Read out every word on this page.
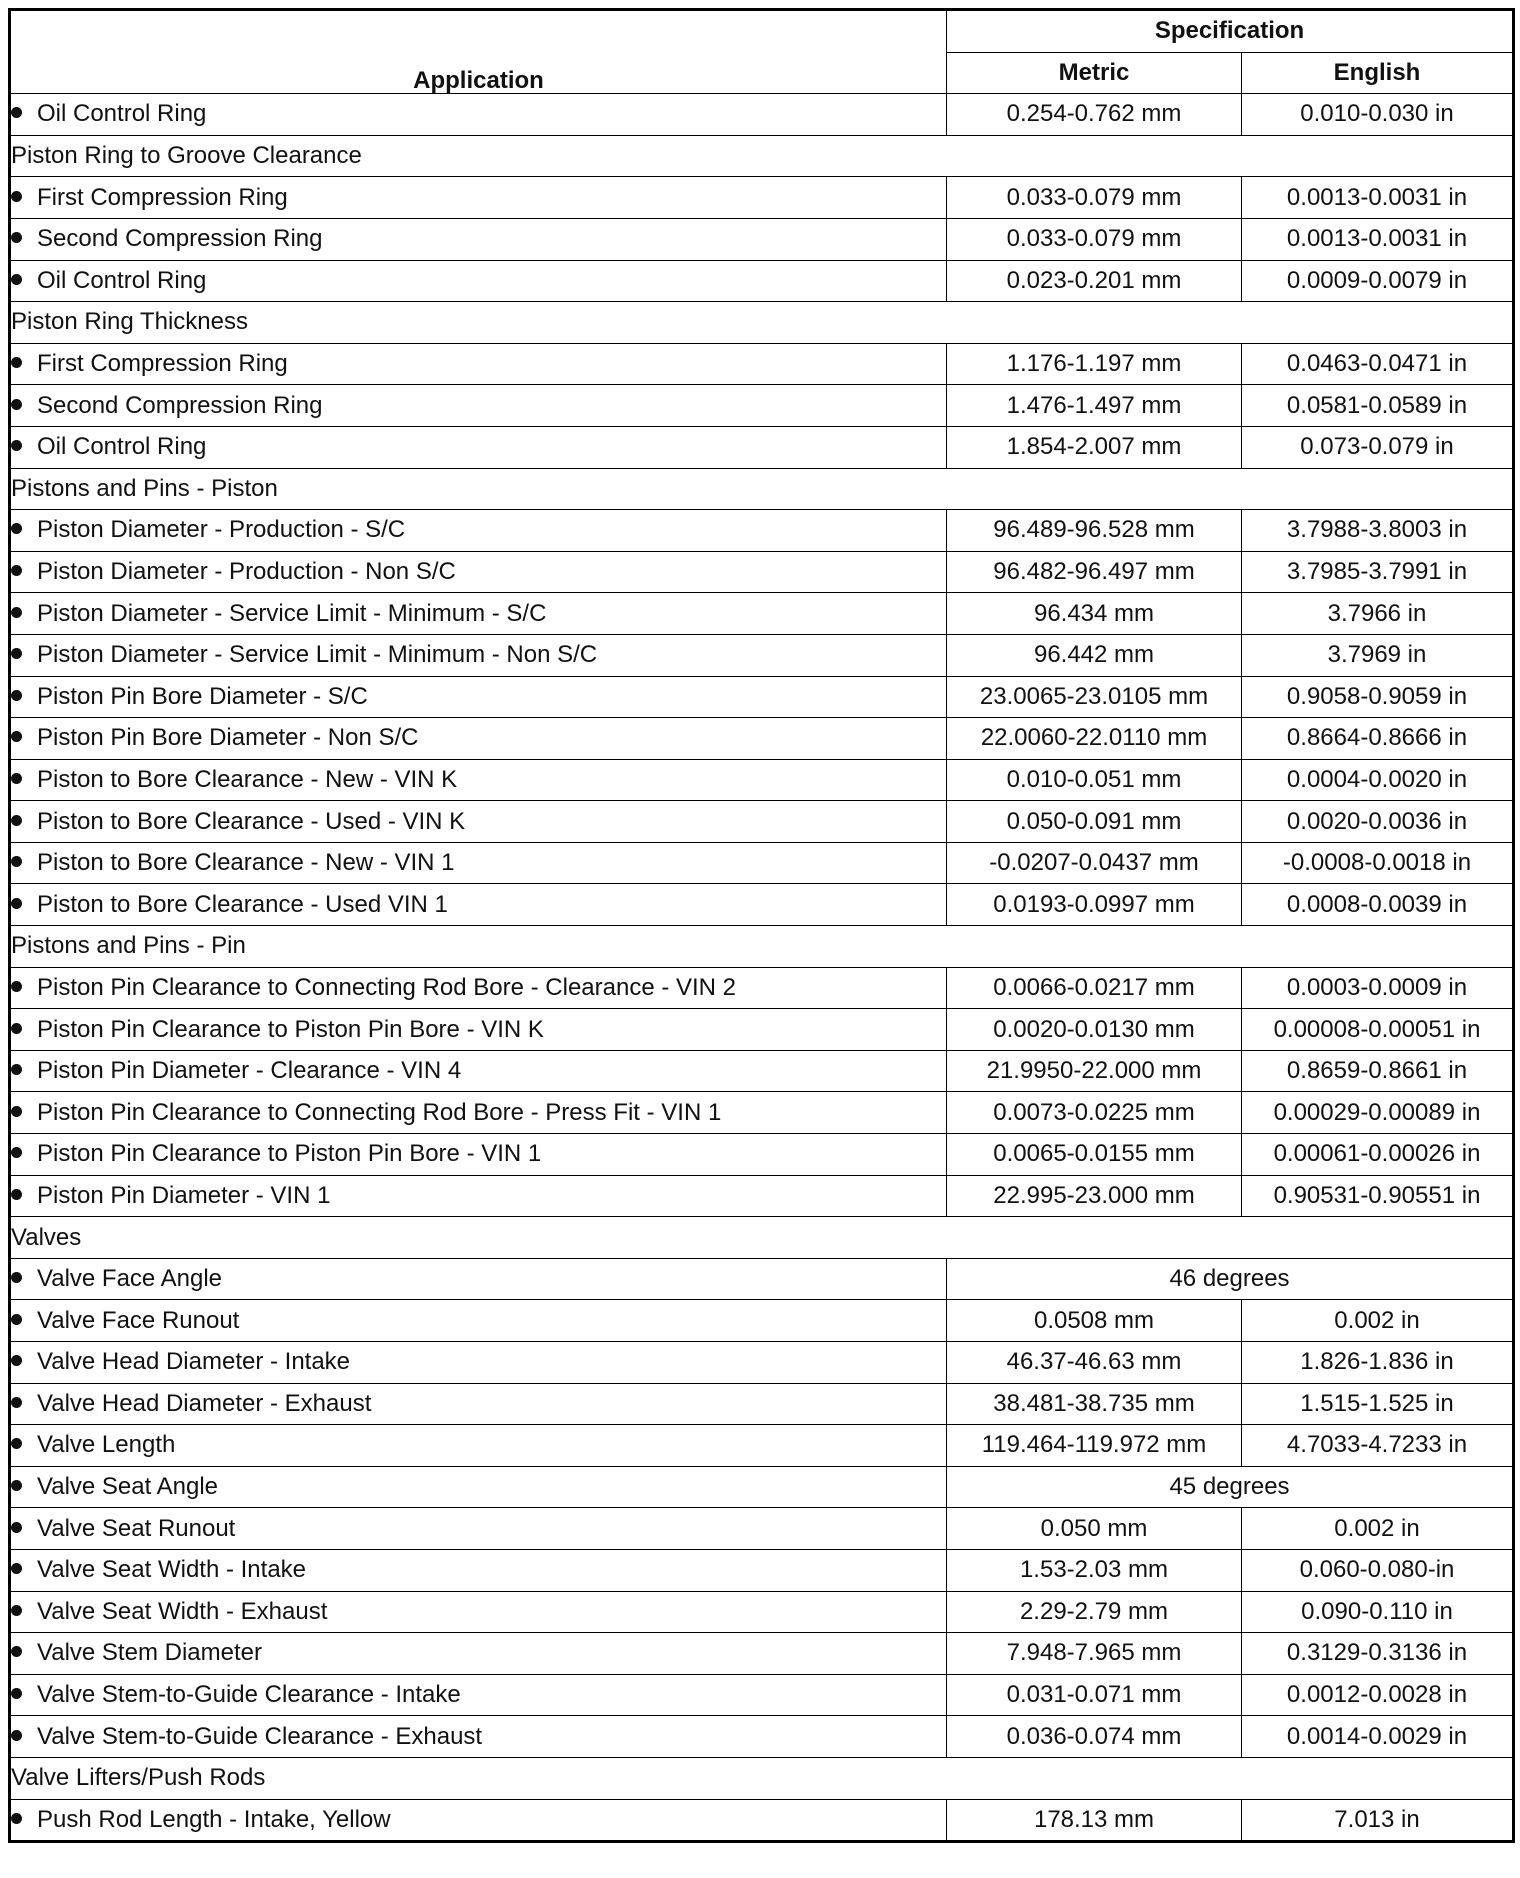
Application	Specification	
	Metric	English
Oil Control Ring	0.254-0.762 mm	0.010-0.030 in
Piston Ring to Groove Clearance		
First Compression Ring	0.033-0.079 mm	0.0013-0.0031 in
Second Compression Ring	0.033-0.079 mm	0.0013-0.0031 in
Oil Control Ring	0.023-0.201 mm	0.0009-0.0079 in
Piston Ring Thickness		
First Compression Ring	1.176-1.197 mm	0.0463-0.0471 in
Second Compression Ring	1.476-1.497 mm	0.0581-0.0589 in
Oil Control Ring	1.854-2.007 mm	0.073-0.079 in
Pistons and Pins - Piston		
Piston Diameter - Production - S/C	96.489-96.528 mm	3.7988-3.8003 in
Piston Diameter - Production - Non S/C	96.482-96.497 mm	3.7985-3.7991 in
Piston Diameter - Service Limit - Minimum - S/C	96.434 mm	3.7966 in
Piston Diameter - Service Limit - Minimum - Non S/C	96.442 mm	3.7969 in
Piston Pin Bore Diameter - S/C	23.0065-23.0105 mm	0.9058-0.9059 in
Piston Pin Bore Diameter - Non S/C	22.0060-22.0110 mm	0.8664-0.8666 in
Piston to Bore Clearance - New - VIN K	0.010-0.051 mm	0.0004-0.0020 in
Piston to Bore Clearance - Used - VIN K	0.050-0.091 mm	0.0020-0.0036 in
Piston to Bore Clearance - New - VIN 1	-0.0207-0.0437 mm	-0.0008-0.0018 in
Piston to Bore Clearance - Used VIN 1	0.0193-0.0997 mm	0.0008-0.0039 in
Pistons and Pins - Pin		
Piston Pin Clearance to Connecting Rod Bore - Clearance - VIN 2	0.0066-0.0217 mm	0.0003-0.0009 in
Piston Pin Clearance to Piston Pin Bore - VIN K	0.0020-0.0130 mm	0.00008-0.00051 in
Piston Pin Diameter - Clearance - VIN 4	21.9950-22.000 mm	0.8659-0.8661 in
Piston Pin Clearance to Connecting Rod Bore - Press Fit - VIN 1	0.0073-0.0225 mm	0.00029-0.00089 in
Piston Pin Clearance to Piston Pin Bore - VIN 1	0.0065-0.0155 mm	0.00061-0.00026 in
Piston Pin Diameter - VIN 1	22.995-23.000 mm	0.90531-0.90551 in
Valves		
Valve Face Angle	46 degrees	
Valve Face Runout	0.0508 mm	0.002 in
Valve Head Diameter - Intake	46.37-46.63 mm	1.826-1.836 in
Valve Head Diameter - Exhaust	38.481-38.735 mm	1.515-1.525 in
Valve Length	119.464-119.972 mm	4.7033-4.7233 in
Valve Seat Angle	45 degrees	
Valve Seat Runout	0.050 mm	0.002 in
Valve Seat Width - Intake	1.53-2.03 mm	0.060-0.080-in
Valve Seat Width - Exhaust	2.29-2.79 mm	0.090-0.110 in
Valve Stem Diameter	7.948-7.965 mm	0.3129-0.3136 in
Valve Stem-to-Guide Clearance - Intake	0.031-0.071 mm	0.0012-0.0028 in
Valve Stem-to-Guide Clearance - Exhaust	0.036-0.074 mm	0.0014-0.0029 in
Valve Lifters/Push Rods		
Push Rod Length - Intake, Yellow	178.13 mm	7.013 in
